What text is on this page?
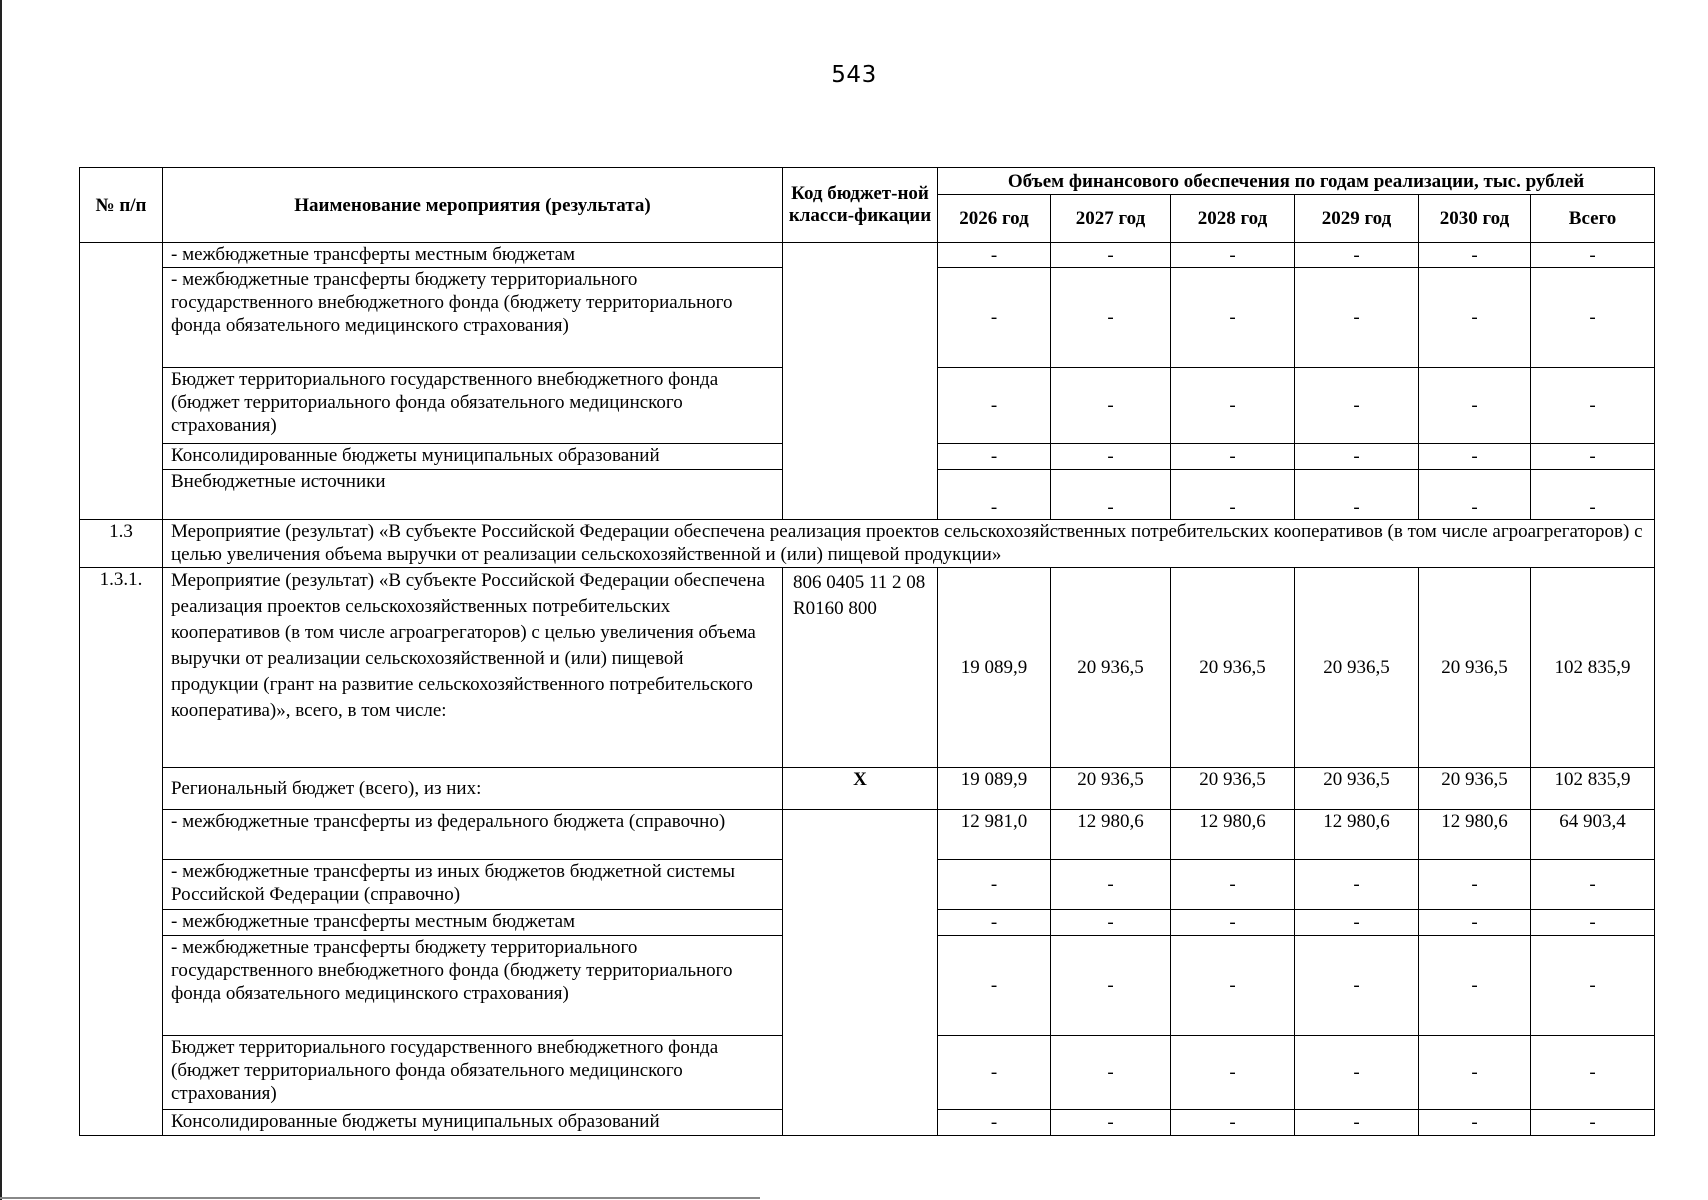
543
№ п/п	Наименование мероприятия (результата)	Код бюджет-ной класси-фикации	Объем финансового обеспечения по годам реализации, тыс. рублей					
			2026 год	2027 год	2028 год	2029 год	2030 год	Всего
	- межбюджетные трансферты местным бюджетам		-	-	-	-	-	-
	- межбюджетные трансферты бюджету территориального государственного внебюджетного фонда (бюджету территориального фонда обязательного медицинского страхования)		-	-	-	-	-	-
	Бюджет территориального государственного внебюджетного фонда (бюджет территориального фонда обязательного медицинского страхования)		-	-	-	-	-	-
	Консолидированные бюджеты муниципальных образований		-	-	-	-	-	-
	Внебюджетные источники		-	-	-	-	-	-
1.3	Мероприятие (результат) «В субъекте Российской Федерации обеспечена реализация проектов сельскохозяйственных потребительских кооперативов (в том числе агроагрегаторов) с целью увеличения объема выручки от реализации сельскохозяйственной и (или) пищевой продукции»							
1.3.1.	Мероприятие (результат) «В субъекте Российской Федерации обеспечена реализация проектов сельскохозяйственных потребительских кооперативов (в том числе агроагрегаторов) с целью увеличения объема выручки от реализации сельскохозяйственной и (или) пищевой продукции (грант на развитие сельскохозяйственного потребительского кооператива)», всего, в том числе:	806 0405 11 2 08 R0160 800	19 089,9	20 936,5	20 936,5	20 936,5	20 936,5	102 835,9
	Региональный бюджет (всего), из них:	Х	19 089,9	20 936,5	20 936,5	20 936,5	20 936,5	102 835,9
	- межбюджетные трансферты из федерального бюджета (справочно)		12 981,0	12 980,6	12 980,6	12 980,6	12 980,6	64 903,4
	- межбюджетные трансферты из иных бюджетов бюджетной системы Российской Федерации (справочно)		-	-	-	-	-	-
	- межбюджетные трансферты местным бюджетам		-	-	-	-	-	-
	- межбюджетные трансферты бюджету территориального государственного внебюджетного фонда (бюджету территориального фонда обязательного медицинского страхования)		-	-	-	-	-	-
	Бюджет территориального государственного внебюджетного фонда (бюджет территориального фонда обязательного медицинского страхования)		-	-	-	-	-	-
	Консолидированные бюджеты муниципальных образований		-	-	-	-	-	-
